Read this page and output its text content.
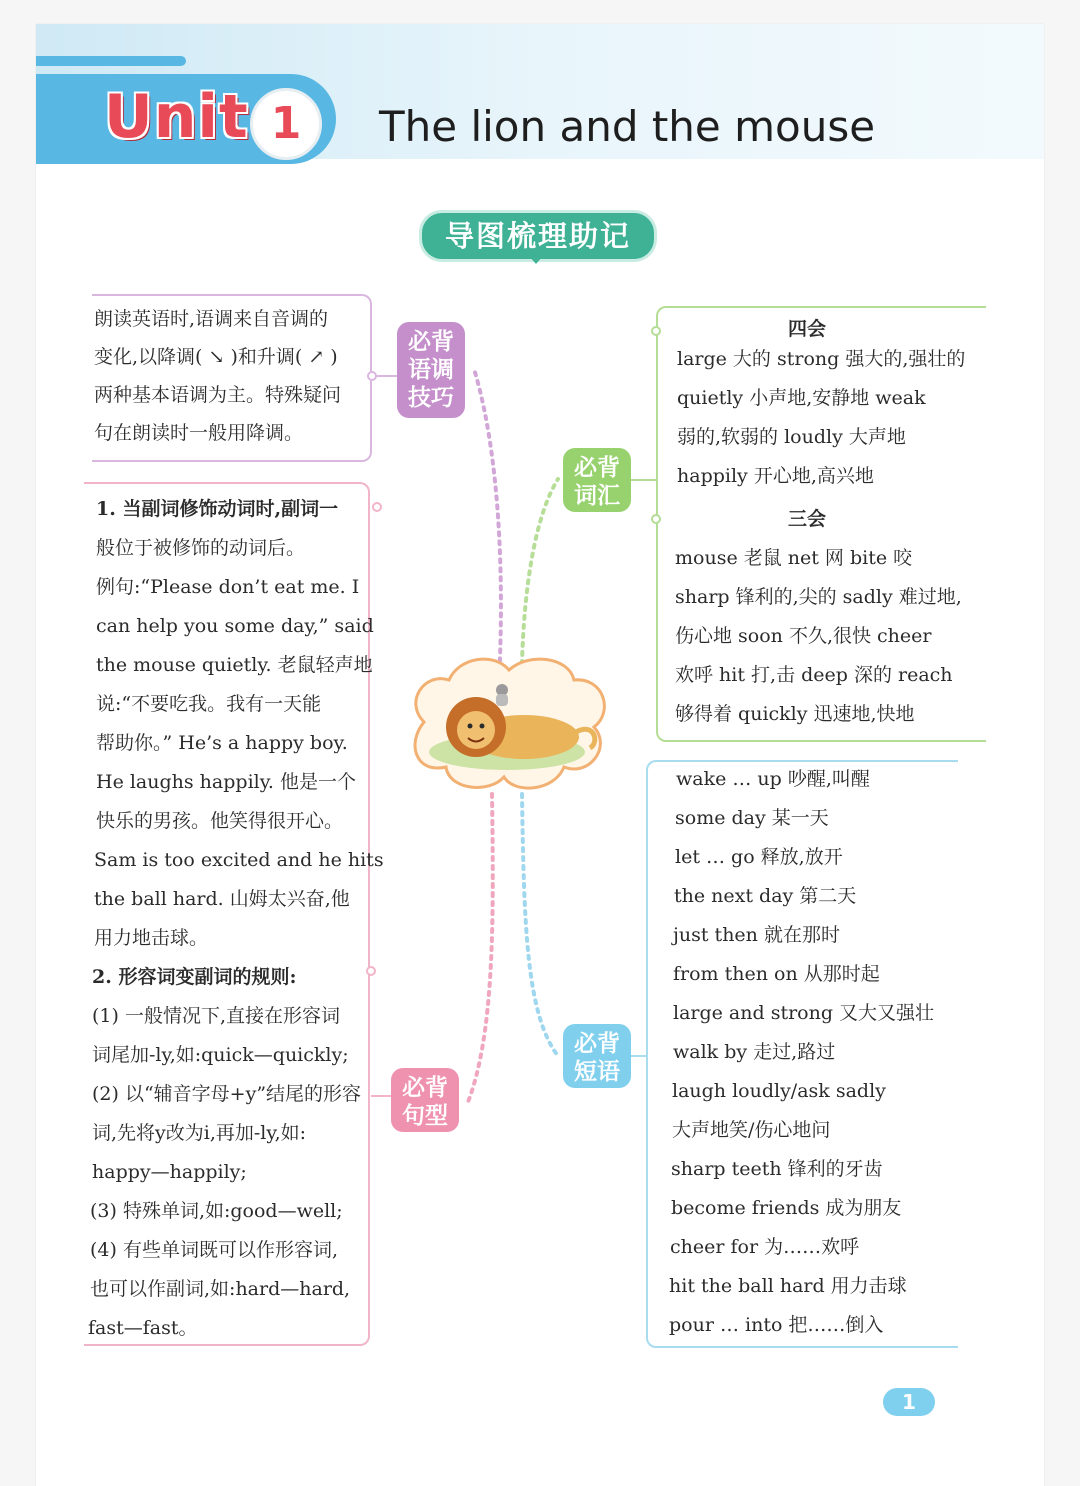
Unit 1	The lion and the mouse
导图梳理助记
必背
语调
技巧
朗读英语时,语调来自音调的
变化,以降调( ↘ )和升调( ↗ )
两种基本语调为主。特殊疑问
句在朗读时一般用降调。
必背
句型
1. 当副词修饰动词时,副词一
般位于被修饰的动词后。
例句:“Please don’t eat me. I
can help you some day,” said
the mouse quietly. 老鼠轻声地
说:“不要吃我。我有一天能
帮助你。” He’s a happy boy.
He laughs happily. 他是一个
快乐的男孩。他笑得很开心。
Sam is too excited and he hits
the ball hard. 山姆太兴奋,他
用力地击球。
2. 形容词变副词的规则:
(1) 一般情况下,直接在形容词
词尾加-ly,如:quick—quickly;
(2) 以“辅音字母+y”结尾的形容
词,先将y改为i,再加-ly,如:
happy—happily;
(3) 特殊单词,如:good—well;
(4) 有些单词既可以作形容词,
也可以作副词,如:hard—hard,
fast—fast。
必背
词汇
四会
large 大的 strong 强大的,强壮的
quietly 小声地,安静地 weak
弱的,软弱的 loudly 大声地
happily 开心地,高兴地
三会
mouse 老鼠 net 网 bite 咬
sharp 锋利的,尖的 sadly 难过地,
伤心地 soon 不久,很快 cheer
欢呼 hit 打,击 deep 深的 reach
够得着 quickly 迅速地,快地
必背
短语
wake … up 吵醒,叫醒
some day 某一天
let … go 释放,放开
the next day 第二天
just then 就在那时
from then on 从那时起
large and strong 又大又强壮
walk by 走过,路过
laugh loudly/ask sadly
大声地笑/伤心地问
sharp teeth 锋利的牙齿
become friends 成为朋友
cheer for 为……欢呼
hit the ball hard 用力击球
pour … into 把……倒入
1
